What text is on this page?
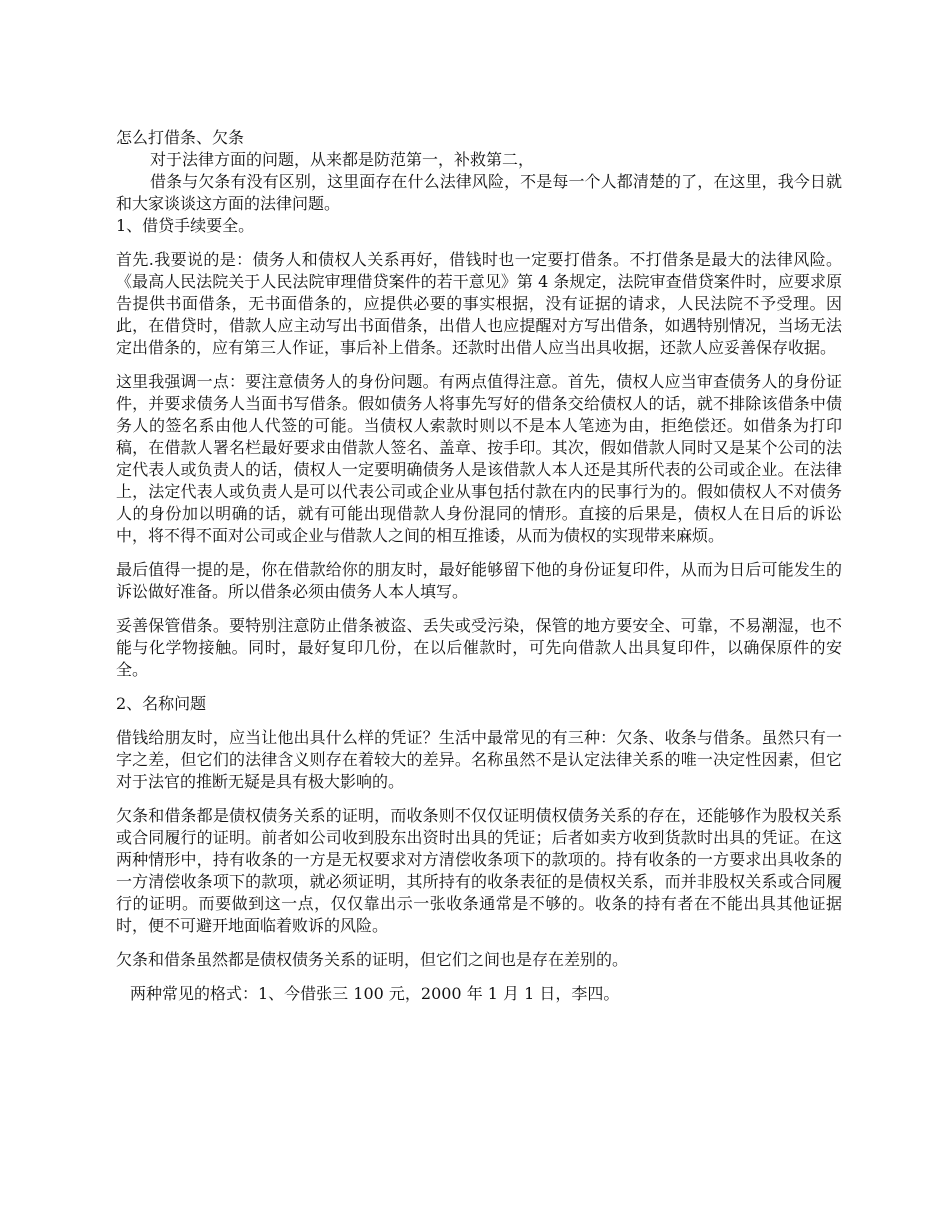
怎么打借条、欠条

对于法律方面的问题，从来都是防范第一，补救第二，

借条与欠条有没有区别，这里面存在什么法律风险，不是每一个人都清楚的了，在这里，我今日就和大家谈谈这方面的法律问题。

1、借贷手续要全。

首先.我要说的是：债务人和债权人关系再好，借钱时也一定要打借条。不打借条是最大的法律风险。《最高人民法院关于人民法院审理借贷案件的若干意见》第 4 条规定，法院审查借贷案件时，应要求原告提供书面借条，无书面借条的，应提供必要的事实根据，没有证据的请求，人民法院不予受理。因此，在借贷时，借款人应主动写出书面借条，出借人也应提醒对方写出借条，如遇特别情况，当场无法定出借条的，应有第三人作证，事后补上借条。还款时出借人应当出具收据，还款人应妥善保存收据。

这里我强调一点：要注意债务人的身份问题。有两点值得注意。首先，债权人应当审查债务人的身份证件，并要求债务人当面书写借条。假如债务人将事先写好的借条交给债权人的话，就不排除该借条中债务人的签名系由他人代签的可能。当债权人索款时则以不是本人笔迹为由，拒绝偿还。如借条为打印稿，在借款人署名栏最好要求由借款人签名、盖章、按手印。其次，假如借款人同时又是某个公司的法定代表人或负责人的话，债权人一定要明确债务人是该借款人本人还是其所代表的公司或企业。在法律上，法定代表人或负责人是可以代表公司或企业从事包括付款在内的民事行为的。假如债权人不对债务人的身份加以明确的话，就有可能出现借款人身份混同的情形。直接的后果是，债权人在日后的诉讼中，将不得不面对公司或企业与借款人之间的相互推诿，从而为债权的实现带来麻烦。

最后值得一提的是，你在借款给你的朋友时，最好能够留下他的身份证复印件，从而为日后可能发生的诉讼做好准备。所以借条必须由债务人本人填写。

妥善保管借条。要特别注意防止借条被盗、丢失或受污染，保管的地方要安全、可靠，不易潮湿，也不能与化学物接触。同时，最好复印几份，在以后催款时，可先向借款人出具复印件，以确保原件的安全。

2、名称问题

借钱给朋友时，应当让他出具什么样的凭证？生活中最常见的有三种：欠条、收条与借条。虽然只有一字之差，但它们的法律含义则存在着较大的差异。名称虽然不是认定法律关系的唯一决定性因素，但它对于法官的推断无疑是具有极大影响的。

欠条和借条都是债权债务关系的证明，而收条则不仅仅证明债权债务关系的存在，还能够作为股权关系或合同履行的证明。前者如公司收到股东出资时出具的凭证；后者如卖方收到货款时出具的凭证。在这两种情形中，持有收条的一方是无权要求对方清偿收条项下的款项的。持有收条的一方要求出具收条的一方清偿收条项下的款项，就必须证明，其所持有的收条表征的是债权关系，而并非股权关系或合同履行的证明。而要做到这一点，仅仅靠出示一张收条通常是不够的。收条的持有者在不能出具其他证据时，便不可避开地面临着败诉的风险。

欠条和借条虽然都是债权债务关系的证明，但它们之间也是存在差别的。

两种常见的格式：1、今借张三 100 元，2000 年 1 月 1 日，李四。
